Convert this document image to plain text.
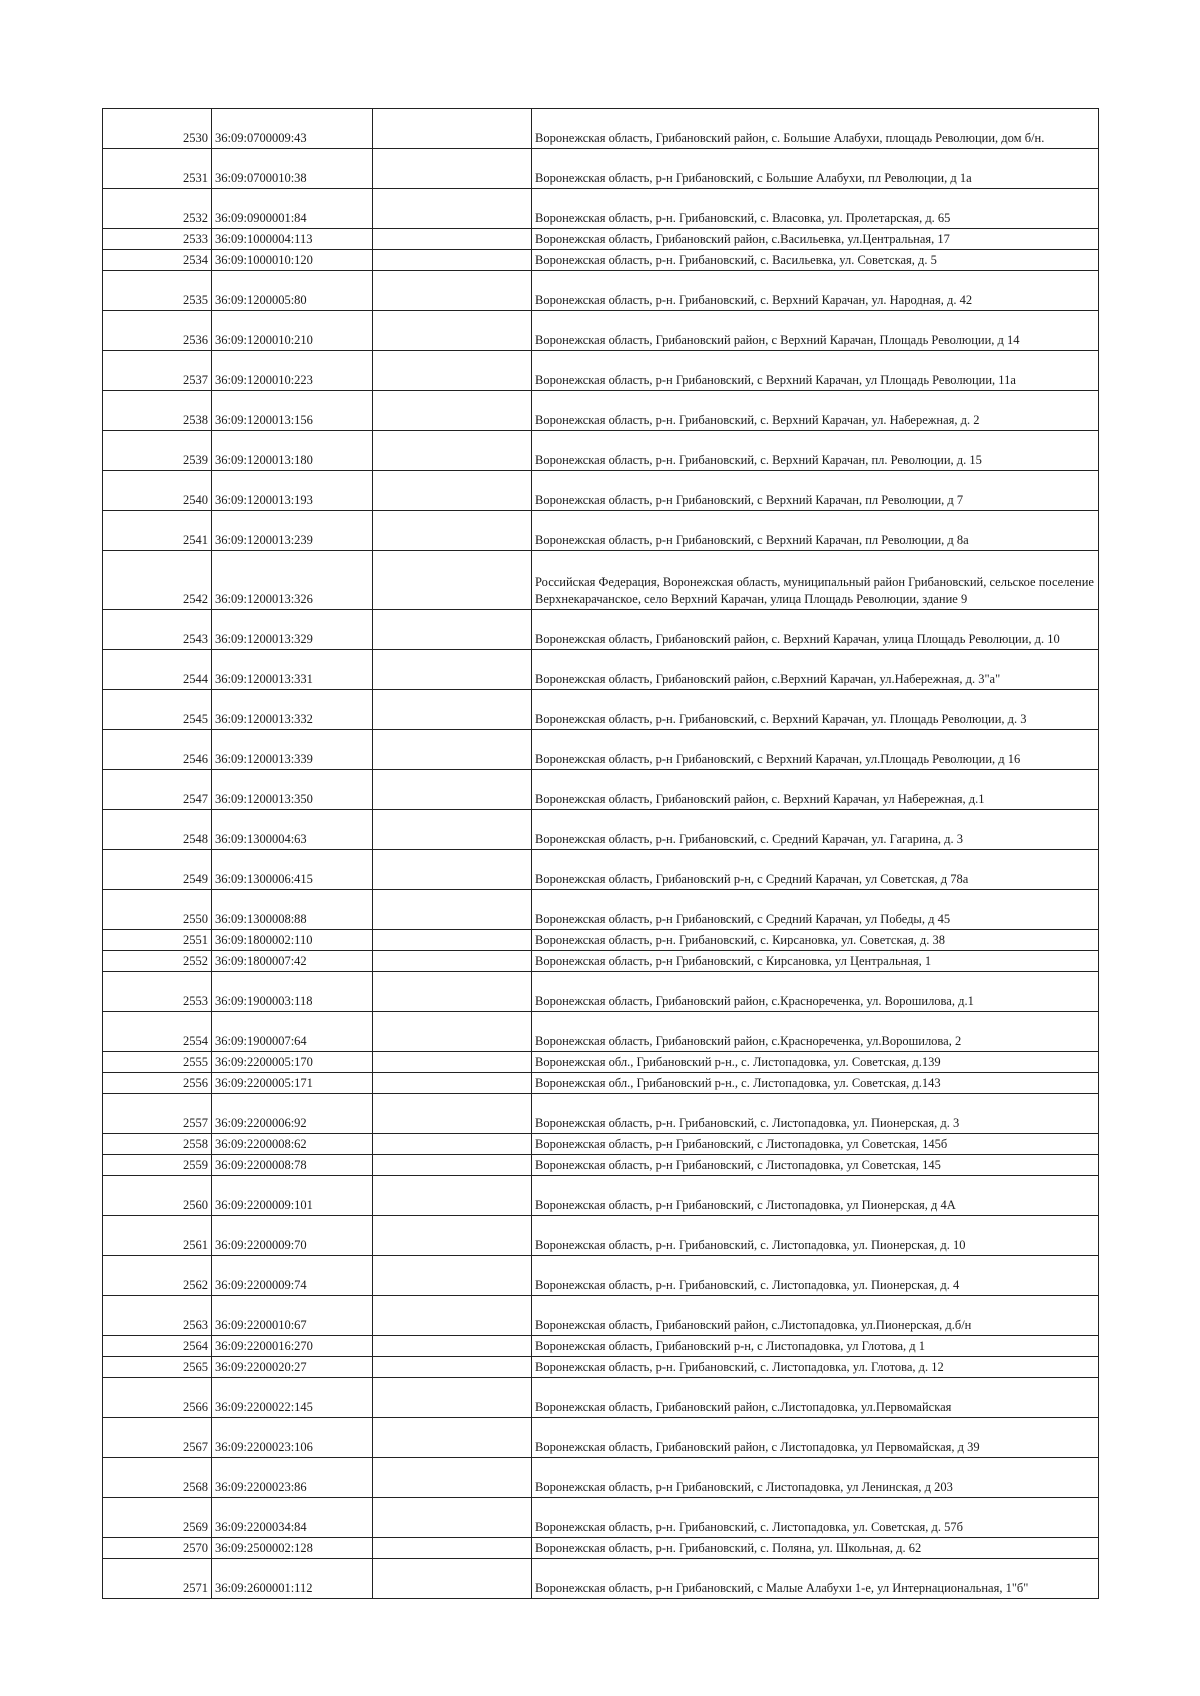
2530	36:09:0700009:43		Воронежская область, Грибановский район, с. Большие Алабухи, площадь Революции, дом б/н.
2531	36:09:0700010:38		Воронежская область, р-н Грибановский, с Большие Алабухи, пл Революции, д 1а
2532	36:09:0900001:84		Воронежская область, р-н. Грибановский, с. Власовка, ул. Пролетарская, д. 65
2533	36:09:1000004:113		Воронежская область, Грибановский район, с.Васильевка, ул.Центральная, 17
2534	36:09:1000010:120		Воронежская область, р-н. Грибановский, с. Васильевка, ул. Советская, д. 5
2535	36:09:1200005:80		Воронежская область, р-н. Грибановский, с. Верхний Карачан, ул. Народная, д. 42
2536	36:09:1200010:210		Воронежская область, Грибановский район, с Верхний Карачан, Площадь Революции, д 14
2537	36:09:1200010:223		Воронежская область, р-н Грибановский, с Верхний Карачан, ул Площадь Революции, 11а
2538	36:09:1200013:156		Воронежская область, р-н. Грибановский, с. Верхний Карачан, ул. Набережная, д. 2
2539	36:09:1200013:180		Воронежская область, р-н. Грибановский, с. Верхний Карачан, пл. Революции, д. 15
2540	36:09:1200013:193		Воронежская область, р-н Грибановский, с Верхний Карачан, пл Революции, д 7
2541	36:09:1200013:239		Воронежская область, р-н Грибановский, с Верхний Карачан, пл Революции, д 8а
2542	36:09:1200013:326		Российская Федерация, Воронежская область, муниципальный район Грибановский, сельское поселение Верхнекарачанское, село Верхний Карачан, улица Площадь Революции, здание 9
2543	36:09:1200013:329		Воронежская область, Грибановский район, с. Верхний Карачан, улица Площадь Революции, д. 10
2544	36:09:1200013:331		Воронежская область, Грибановский район, с.Верхний Карачан, ул.Набережная, д. 3"а"
2545	36:09:1200013:332		Воронежская область, р-н. Грибановский, с. Верхний Карачан, ул. Площадь Революции, д. 3
2546	36:09:1200013:339		Воронежская область, р-н Грибановский, с Верхний Карачан, ул.Площадь Революции, д 16
2547	36:09:1200013:350		Воронежская область, Грибановский район, с. Верхний Карачан, ул Набережная, д.1
2548	36:09:1300004:63		Воронежская область, р-н. Грибановский, с. Средний Карачан, ул. Гагарина, д. 3
2549	36:09:1300006:415		Воронежская область, Грибановский р-н, с Средний Карачан, ул Советская, д 78а
2550	36:09:1300008:88		Воронежская область, р-н Грибановский, с Средний Карачан, ул Победы, д 45
2551	36:09:1800002:110		Воронежская область, р-н. Грибановский, с. Кирсановка, ул. Советская, д. 38
2552	36:09:1800007:42		Воронежская область, р-н Грибановский, с Кирсановка, ул Центральная, 1
2553	36:09:1900003:118		Воронежская область, Грибановский район, с.Краснореченка, ул. Ворошилова, д.1
2554	36:09:1900007:64		Воронежская область, Грибановский район, с.Краснореченка, ул.Ворошилова, 2
2555	36:09:2200005:170		Воронежская обл., Грибановский р-н., с. Листопадовка, ул. Советская, д.139
2556	36:09:2200005:171		Воронежская обл., Грибановский р-н., с. Листопадовка, ул. Советская, д.143
2557	36:09:2200006:92		Воронежская область, р-н. Грибановский, с. Листопадовка, ул. Пионерская, д. 3
2558	36:09:2200008:62		Воронежская область, р-н Грибановский, с Листопадовка, ул Советская, 145б
2559	36:09:2200008:78		Воронежская область, р-н Грибановский, с Листопадовка, ул Советская, 145
2560	36:09:2200009:101		Воронежская область, р-н Грибановский, с Листопадовка, ул Пионерская, д 4А
2561	36:09:2200009:70		Воронежская область, р-н. Грибановский, с. Листопадовка, ул. Пионерская, д. 10
2562	36:09:2200009:74		Воронежская область, р-н. Грибановский, с. Листопадовка, ул. Пионерская, д. 4
2563	36:09:2200010:67		Воронежская область, Грибановский район, с.Листопадовка, ул.Пионерская, д.б/н
2564	36:09:2200016:270		Воронежская область, Грибановский р-н, с Листопадовка, ул Глотова, д 1
2565	36:09:2200020:27		Воронежская область, р-н. Грибановский, с. Листопадовка, ул. Глотова, д. 12
2566	36:09:2200022:145		Воронежская область, Грибановский район, с.Листопадовка, ул.Первомайская
2567	36:09:2200023:106		Воронежская область, Грибановский район, с Листопадовка, ул Первомайская, д 39
2568	36:09:2200023:86		Воронежская область, р-н Грибановский, с Листопадовка, ул Ленинская, д 203
2569	36:09:2200034:84		Воронежская область, р-н. Грибановский, с. Листопадовка, ул. Советская, д. 57б
2570	36:09:2500002:128		Воронежская область, р-н. Грибановский, с. Поляна, ул. Школьная, д. 62
2571	36:09:2600001:112		Воронежская область, р-н Грибановский, с Малые Алабухи 1-е, ул Интернациональная, 1"б"
